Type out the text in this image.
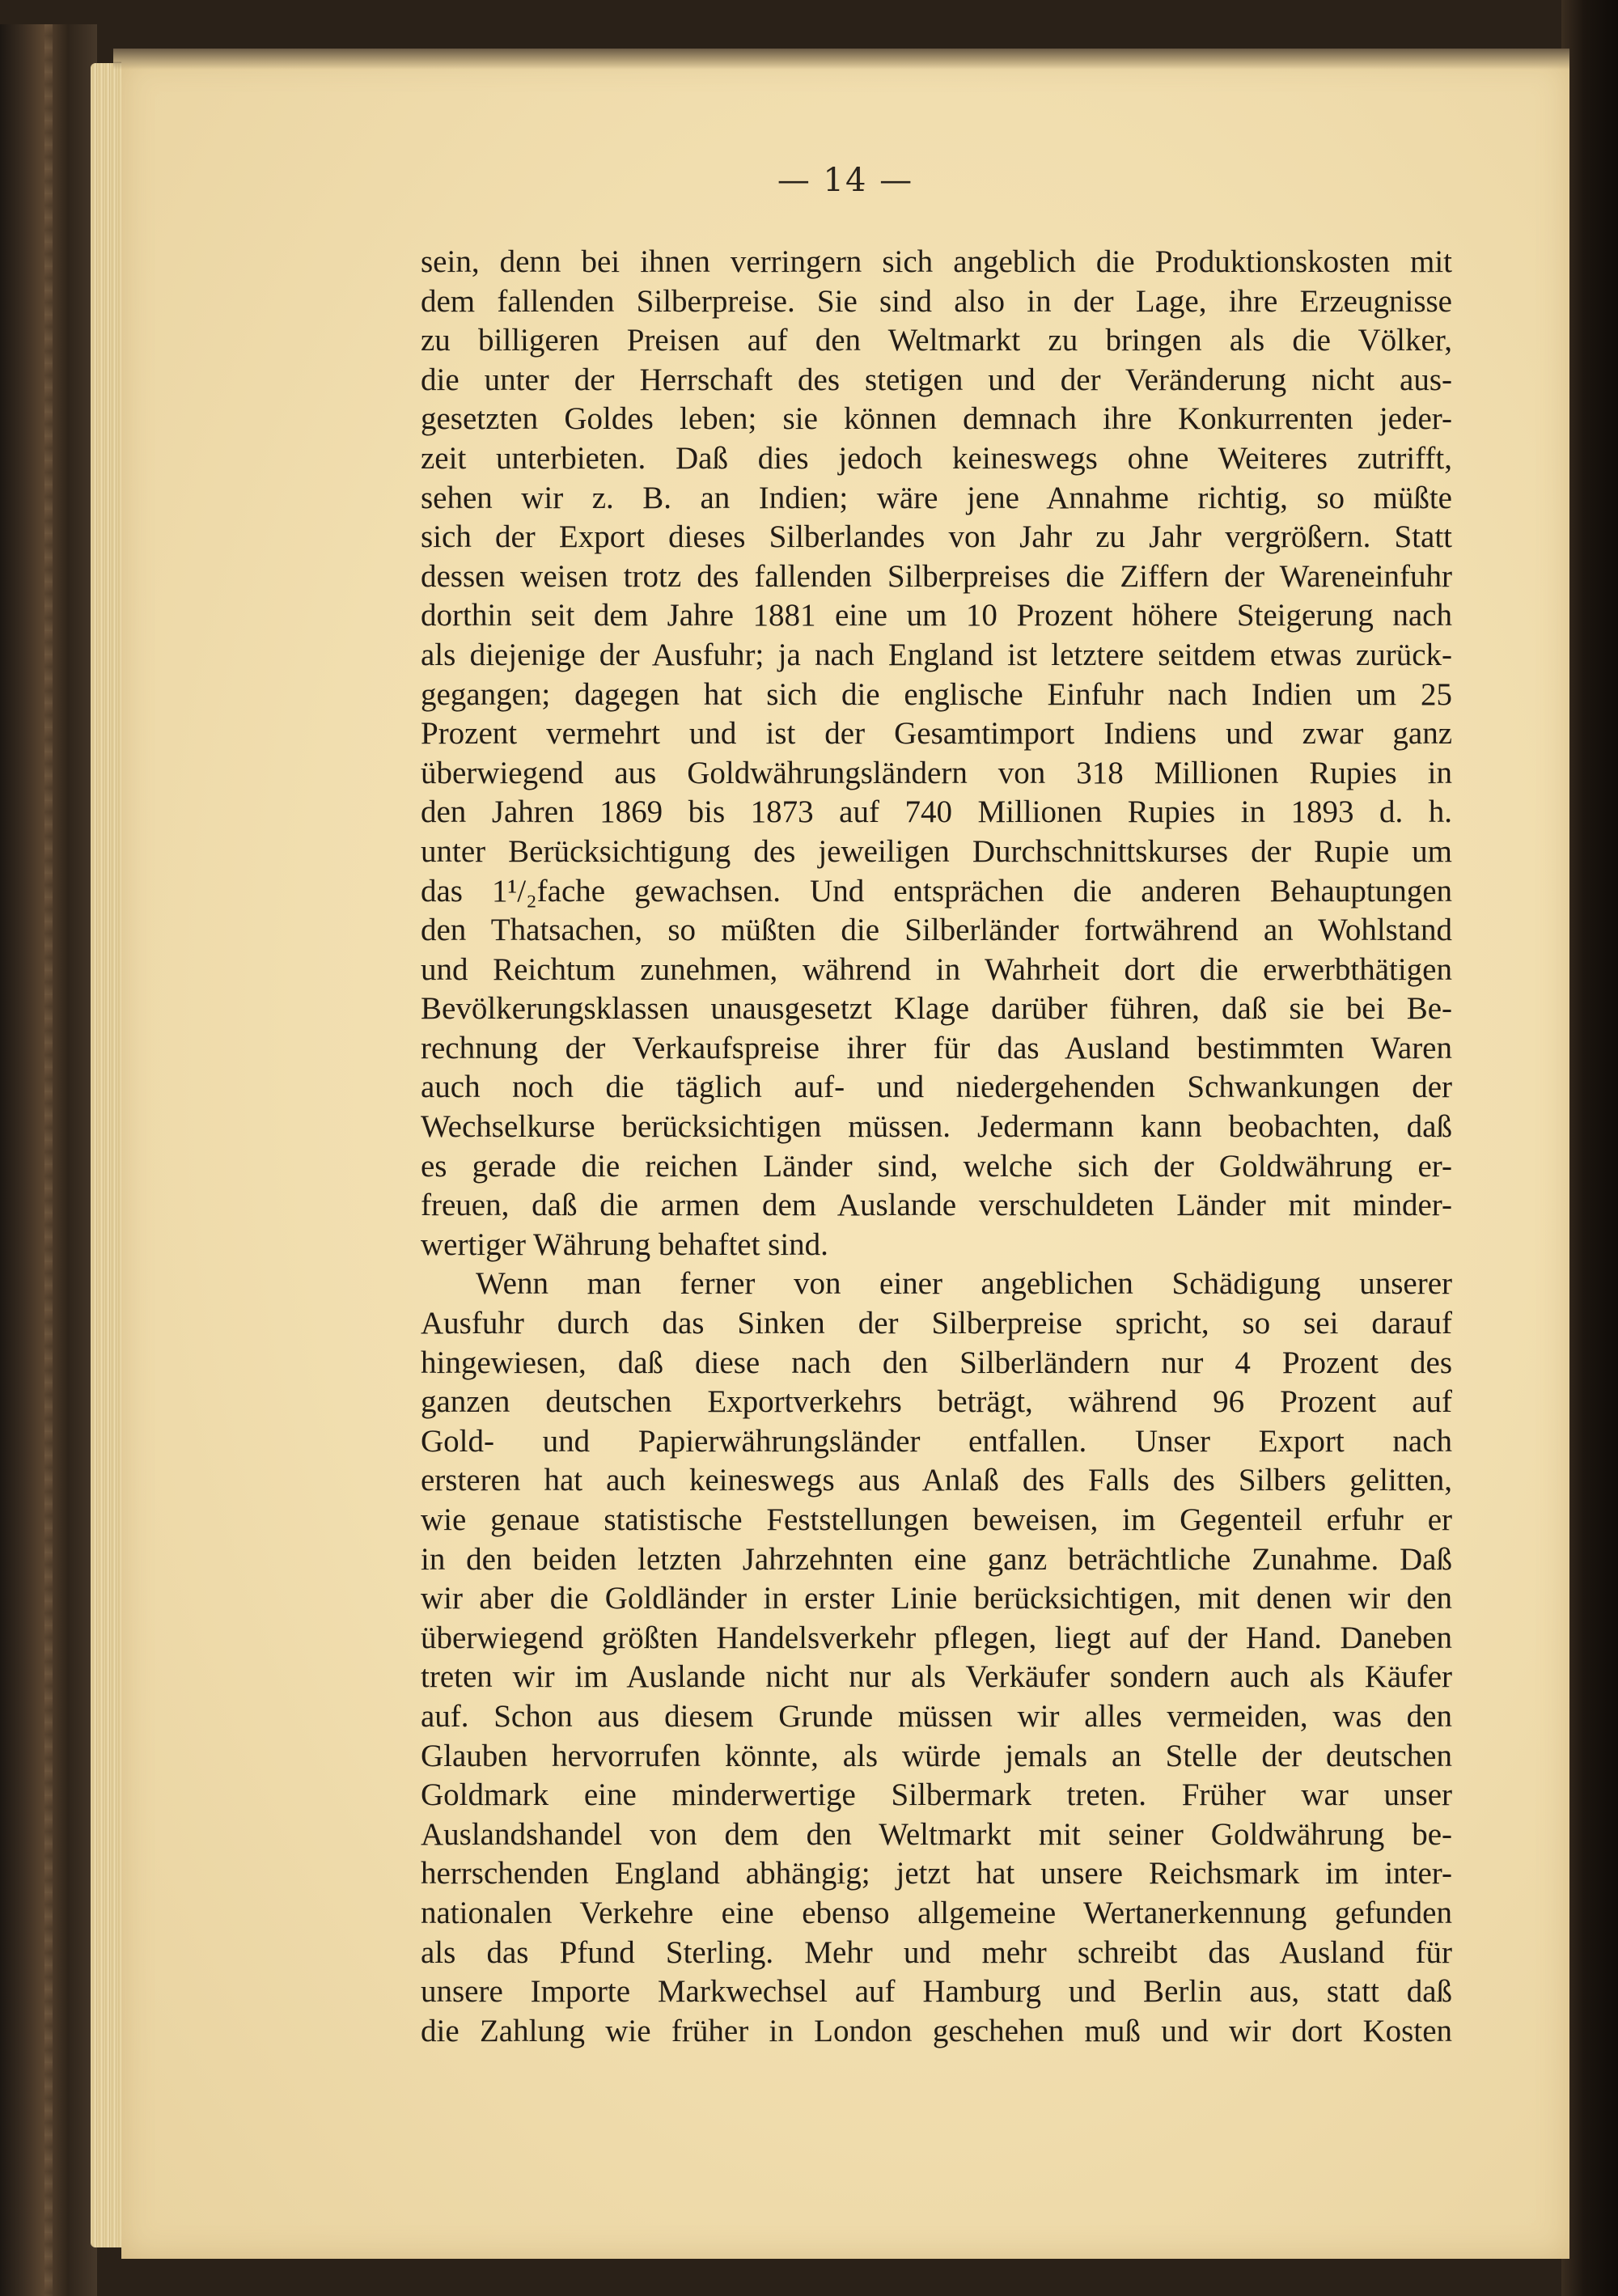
— 14 —
sein, denn bei ihnen verringern sich angeblich die Produktionskosten mit
dem fallenden Silberpreise. Sie sind also in der Lage, ihre Erzeugnisse
zu billigeren Preisen auf den Weltmarkt zu bringen als die Völker,
die unter der Herrschaft des stetigen und der Veränderung nicht aus-
gesetzten Goldes leben; sie können demnach ihre Konkurrenten jeder-
zeit unterbieten. Daß dies jedoch keineswegs ohne Weiteres zutrifft,
sehen wir z. B. an Indien; wäre jene Annahme richtig, so müßte
sich der Export dieses Silberlandes von Jahr zu Jahr vergrößern. Statt
dessen weisen trotz des fallenden Silberpreises die Ziffern der Wareneinfuhr
dorthin seit dem Jahre 1881 eine um 10 Prozent höhere Steigerung nach
als diejenige der Ausfuhr; ja nach England ist letztere seitdem etwas zurück-
gegangen; dagegen hat sich die englische Einfuhr nach Indien um 25
Prozent vermehrt und ist der Gesamtimport Indiens und zwar ganz
überwiegend aus Goldwährungsländern von 318 Millionen Rupies in
den Jahren 1869 bis 1873 auf 740 Millionen Rupies in 1893 d. h.
unter Berücksichtigung des jeweiligen Durchschnittskurses der Rupie um
das 1¹/₂fache gewachsen. Und entsprächen die anderen Behauptungen
den Thatsachen, so müßten die Silberländer fortwährend an Wohlstand
und Reichtum zunehmen, während in Wahrheit dort die erwerbthätigen
Bevölkerungsklassen unausgesetzt Klage darüber führen, daß sie bei Be-
rechnung der Verkaufspreise ihrer für das Ausland bestimmten Waren
auch noch die täglich auf- und niedergehenden Schwankungen der
Wechselkurse berücksichtigen müssen. Jedermann kann beobachten, daß
es gerade die reichen Länder sind, welche sich der Goldwährung er-
freuen, daß die armen dem Auslande verschuldeten Länder mit minder-
wertiger Währung behaftet sind.
Wenn man ferner von einer angeblichen Schädigung unserer
Ausfuhr durch das Sinken der Silberpreise spricht, so sei darauf
hingewiesen, daß diese nach den Silberländern nur 4 Prozent des
ganzen deutschen Exportverkehrs beträgt, während 96 Prozent auf
Gold- und Papierwährungsländer entfallen. Unser Export nach
ersteren hat auch keineswegs aus Anlaß des Falls des Silbers gelitten,
wie genaue statistische Feststellungen beweisen, im Gegenteil erfuhr er
in den beiden letzten Jahrzehnten eine ganz beträchtliche Zunahme. Daß
wir aber die Goldländer in erster Linie berücksichtigen, mit denen wir den
überwiegend größten Handelsverkehr pflegen, liegt auf der Hand. Daneben
treten wir im Auslande nicht nur als Verkäufer sondern auch als Käufer
auf. Schon aus diesem Grunde müssen wir alles vermeiden, was den
Glauben hervorrufen könnte, als würde jemals an Stelle der deutschen
Goldmark eine minderwertige Silbermark treten. Früher war unser
Auslandshandel von dem den Weltmarkt mit seiner Goldwährung be-
herrschenden England abhängig; jetzt hat unsere Reichsmark im inter-
nationalen Verkehre eine ebenso allgemeine Wertanerkennung gefunden
als das Pfund Sterling. Mehr und mehr schreibt das Ausland für
unsere Importe Markwechsel auf Hamburg und Berlin aus, statt daß
die Zahlung wie früher in London geschehen muß und wir dort Kosten
